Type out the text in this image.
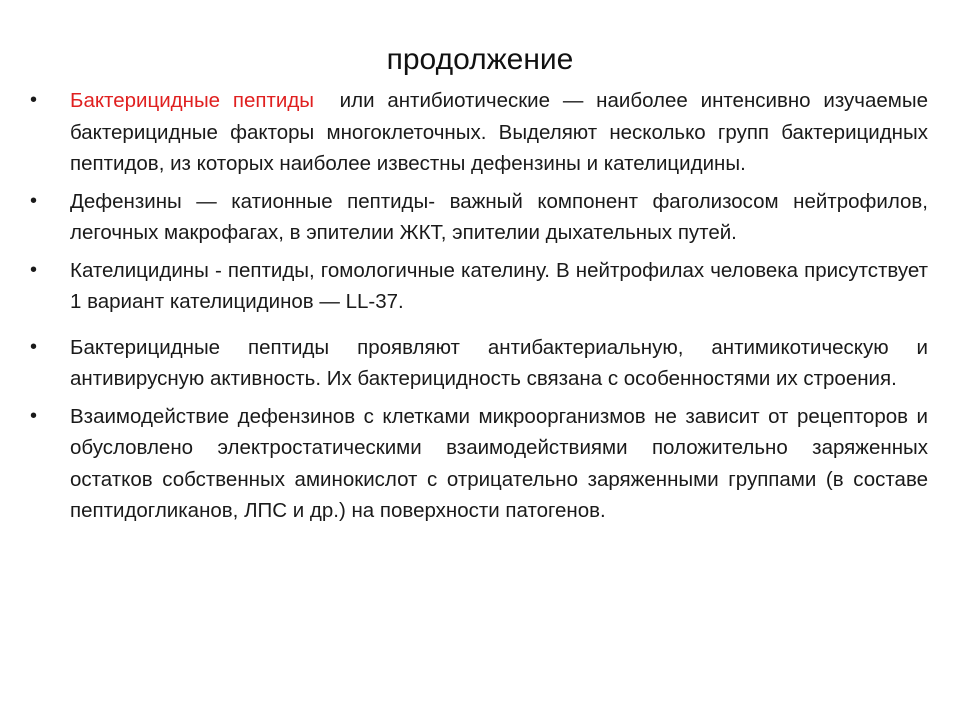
продолжение
•	Бактерицидные пептиды  или антибиотические — наиболее интенсивно изучаемые бактерицидные факторы многоклеточных. Выделяют несколько групп бактерицидных пептидов, из которых наиболее известны дефензины и кателицидины.
•	Дефензины — катионные пептиды- важный компонент фаголизосом нейтрофилов, легочных макрофагах, в эпителии ЖКТ, эпителии дыхательных путей.
•	Кателицидины - пептиды, гомологичные кателину. В нейтрофилах человека присутствует 1 вариант кателицидинов — LL-37.
•	Бактерицидные пептиды проявляют антибактериальную, антимикотическую и антивирусную активность. Их бактерицидность связана с особенностями их строения.
•	Взаимодействие дефензинов с клетками микроорганизмов не зависит от рецепторов и обусловлено электростатическими взаимодействиями положительно заряженных остатков собственных аминокислот с отрицательно заряженными группами (в составе пептидогликанов, ЛПС и др.) на поверхности патогенов.
